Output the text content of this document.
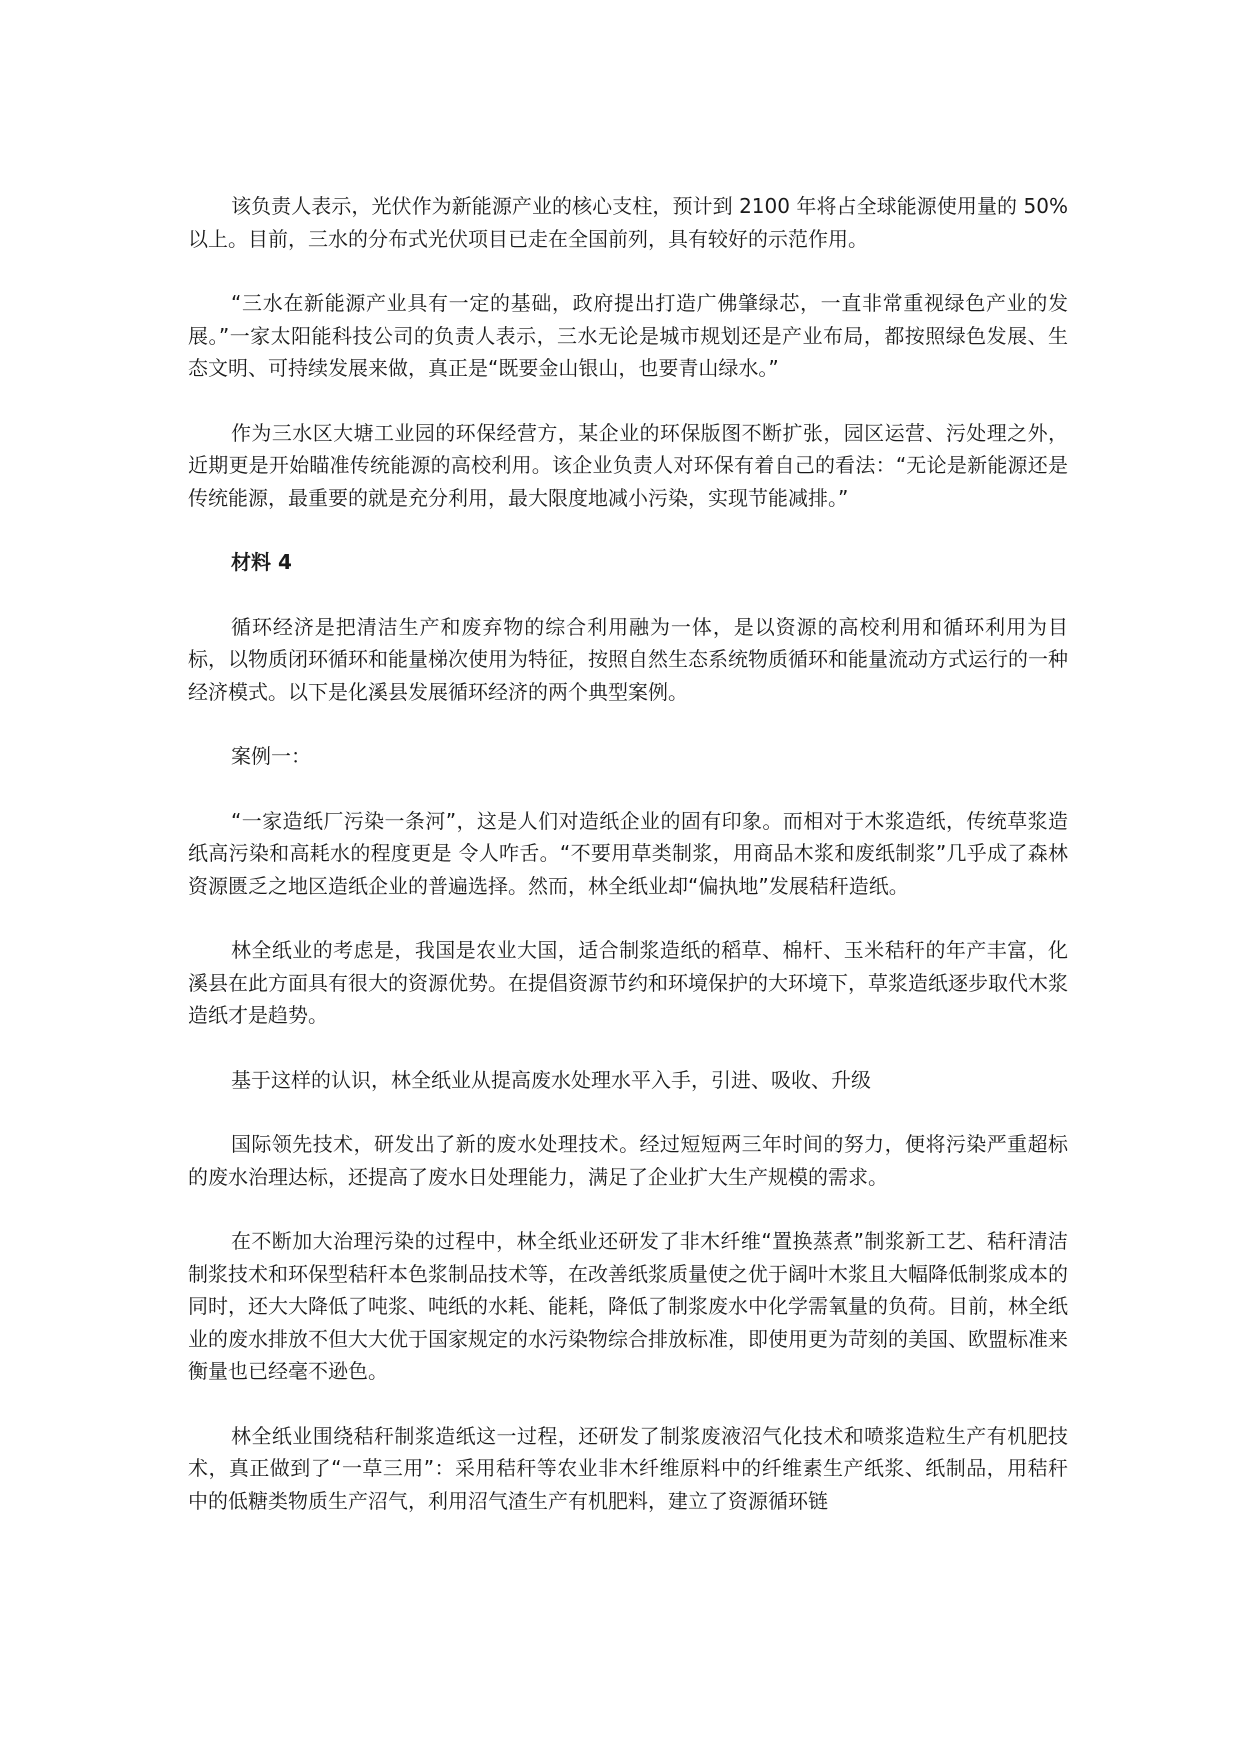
该负责人表示，光伏作为新能源产业的核心支柱，预计到 2100 年将占全球能源使用量的 50%以上。目前，三水的分布式光伏项目已走在全国前列，具有较好的示范作用。

“三水在新能源产业具有一定的基础，政府提出打造广佛肇绿芯，一直非常重视绿色产业的发展。”一家太阳能科技公司的负责人表示，三水无论是城市规划还是产业布局，都按照绿色发展、生态文明、可持续发展来做，真正是“既要金山银山，也要青山绿水。”

作为三水区大塘工业园的环保经营方，某企业的环保版图不断扩张，园区运营、污处理之外，近期更是开始瞄准传统能源的高校利用。该企业负责人对环保有着自己的看法：“无论是新能源还是传统能源，最重要的就是充分利用，最大限度地减小污染，实现节能减排。”

材料 4

循环经济是把清洁生产和废弃物的综合利用融为一体，是以资源的高校利用和循环利用为目标，以物质闭环循环和能量梯次使用为特征，按照自然生态系统物质循环和能量流动方式运行的一种经济模式。以下是化溪县发展循环经济的两个典型案例。

案例一：

“一家造纸厂污染一条河”，这是人们对造纸企业的固有印象。而相对于木浆造纸，传统草浆造纸高污染和高耗水的程度更是 令人咋舌。“不要用草类制浆，用商品木浆和废纸制浆”几乎成了森林资源匮乏之地区造纸企业的普遍选择。然而，林全纸业却“偏执地”发展秸秆造纸。

林全纸业的考虑是，我国是农业大国，适合制浆造纸的稻草、棉杆、玉米秸秆的年产丰富，化溪县在此方面具有很大的资源优势。在提倡资源节约和环境保护的大环境下，草浆造纸逐步取代木浆造纸才是趋势。

基于这样的认识，林全纸业从提高废水处理水平入手，引进、吸收、升级

国际领先技术，研发出了新的废水处理技术。经过短短两三年时间的努力，便将污染严重超标的废水治理达标，还提高了废水日处理能力，满足了企业扩大生产规模的需求。

在不断加大治理污染的过程中，林全纸业还研发了非木纤维“置换蒸煮”制浆新工艺、秸秆清洁制浆技术和环保型秸秆本色浆制品技术等，在改善纸浆质量使之优于阔叶木浆且大幅降低制浆成本的同时，还大大降低了吨浆、吨纸的水耗、能耗，降低了制浆废水中化学需氧量的负荷。目前，林全纸业的废水排放不但大大优于国家规定的水污染物综合排放标准，即使用更为苛刻的美国、欧盟标准来衡量也已经毫不逊色。

林全纸业围绕秸秆制浆造纸这一过程，还研发了制浆废液沼气化技术和喷浆造粒生产有机肥技术，真正做到了“一草三用”：采用秸秆等农业非木纤维原料中的纤维素生产纸浆、纸制品，用秸秆中的低糖类物质生产沼气，利用沼气渣生产有机肥料，建立了资源循环链
